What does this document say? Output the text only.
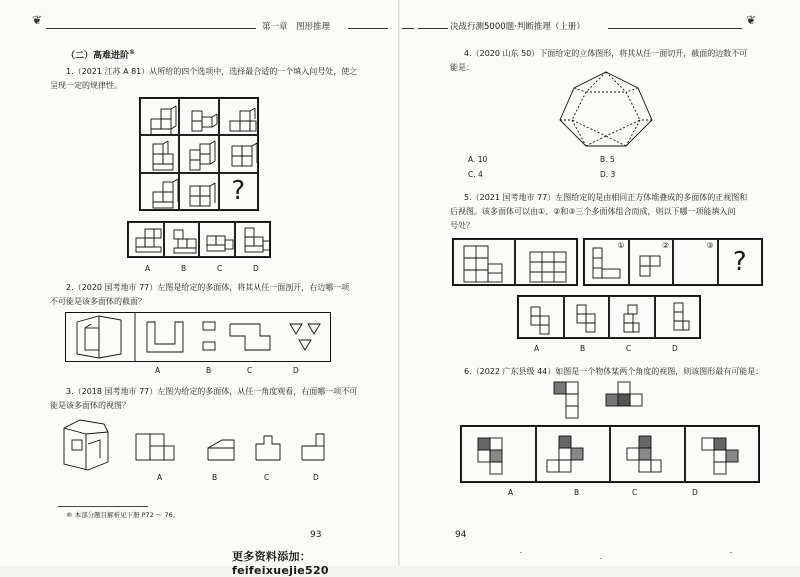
❦	第一章　图形推理
（二）高难进阶®
1.（2021 江苏 A 81）从所给的四个选项中，选择最合适的一个填入问号处，使之
呈现一定的规律性。
?
A	B	C	D
2.（2020 国考地市 77）左图是给定的多面体，将其从任一面剖开，右边哪一项
不可能是该多面体的截面？
A	B	C	D
3.（2018 国考地市 77）左图为给定的多面体，从任一角度观看，右面哪一项不可
能是该多面体的视图？
A	B	C	D
® 本部分题目解析见下册 P72 ～ 76。
93
更多资料添加：feifeixuejie520
决战行测5000题·判断推理（上册）	❦
4.（2020 山东 50）下面给定的立体图形，将其从任一面切开，截面的边数不可
能是：
A. 10	B. 5
C. 4	D. 3
5.（2021 国考地市 77）左图给定的是由相同正方体堆叠成的多面体的正视图和
后视图。该多面体可以由①、②和③三个多面体组合而成，则以下哪一项能填入问
号处？
①	②	③
?
A	B	C	D
6.（2022 广东县级 44）如图是一个物体某两个角度的视图，则该图形最有可能是：
A	B	C	D
94
